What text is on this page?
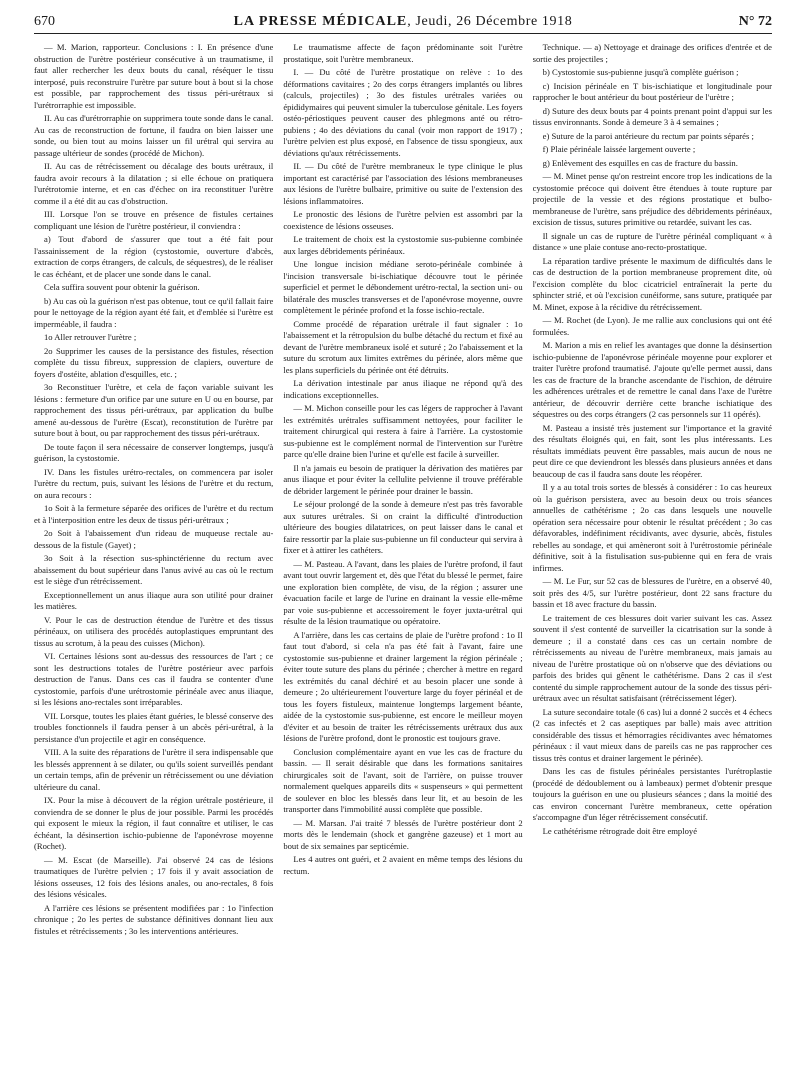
670	LA PRESSE MÉDICALE, Jeudi, 26 Décembre 1918	N° 72

— M. Marion, rapporteur. Conclusions : I. En présence d'une obstruction de l'urètre postérieur consécutive à un traumatisme, il faut aller rechercher les deux bouts du canal, réséquer le tissu interposé, puis reconstruire l'urètre par suture bout à bout si la chose est possible, par rapprochement des tissus péri-urétraux si l'urétrorraphie est impossible.

II. Au cas d'urétrorraphie on supprimera toute sonde dans le canal. Au cas de reconstruction de fortune, il faudra on bien laisser une sonde, ou bien tout au moins laisser un fil urétral qui servira au passage ultérieur de sondes (procédé de Michon).

II. Au cas de rétrécissement ou décalage des bouts urétraux, il faudra avoir recours à la dilatation ; si elle échoue on pratiquera l'urétrotomie interne, et en cas d'échec on ira reconstituer l'urètre comme il a été dit au cas d'obstruction.

III. Lorsque l'on se trouve en présence de fistules certaines compliquant une lésion de l'urètre postérieur, il conviendra :

a) Tout d'abord de s'assurer que tout a été fait pour l'assainissement de la région (cystostomie, ouverture d'abcès, extraction de corps étrangers, de calculs, de séquestres), de le réaliser le cas échéant, et de placer une sonde dans le canal.

Cela suffira souvent pour obtenir la guérison.

b) Au cas où la guérison n'est pas obtenue, tout ce qu'il fallait faire pour le nettoyage de la région ayant été fait, et d'emblée si l'urètre est imperméable, il faudra :

1o Aller retrouver l'urètre ;

2o Supprimer les causes de la persistance des fistules, résection complète du tissu fibreux, suppression de clapiers, ouverture de foyers d'ostéite, ablation d'esquilles, etc. ;

3o Reconstituer l'urètre, et cela de façon variable suivant les lésions : fermeture d'un orifice par une suture en U ou en bourse, par rapprochement des tissus péri-urétraux, par application du bulbe amené au-dessous de l'urètre (Escat), reconstitution de l'urètre par suture bout à bout, ou par rapprochement des tissus péri-urétraux.

De toute façon il sera nécessaire de conserver longtemps, jusqu'à guérison, la cystostomie.

IV. Dans les fistules urétro-rectales, on commencera par isoler l'urètre du rectum, puis, suivant les lésions de l'urètre et du rectum, on aura recours :

1o Soit à la fermeture séparée des orifices de l'urètre et du rectum et à l'interposition entre les deux de tissus péri-urétraux ;

2o Soit à l'abaissement d'un rideau de muqueuse rectale au-dessous de la fistule (Gayet) ;

3o Soit à la résection sus-sphinctérienne du rectum avec abaissement du bout supérieur dans l'anus avivé au cas où le rectum est le siège d'un rétrécissement.

Exceptionnellement un anus iliaque aura son utilité pour drainer les matières.

V. Pour le cas de destruction étendue de l'urètre et des tissus périnéaux, on utilisera des procédés autoplastiques empruntant des tissus au scrotum, à la peau des cuisses (Michon).

VI. Certaines lésions sont au-dessus des ressources de l'art ; ce sont les destructions totales de l'urètre postérieur avec parfois destruction de l'anus. Dans ces cas il faudra se contenter d'une cystostomie, parfois d'une urétrostomie périnéale avec anus iliaque, si les lésions ano-rectales sont irréparables.

VII. Lorsque, toutes les plaies étant guéries, le blessé conserve des troubles fonctionnels il faudra penser à un abcès péri-urétral, à la persistance d'un projectile et agir en conséquence.

VIII. A la suite des réparations de l'urètre il sera indispensable que les blessés apprennent à se dilater, ou qu'ils soient surveillés pendant un certain temps, afin de prévenir un rétrécissement ou une déviation ultérieure du canal.

IX. Pour la mise à découvert de la région urétrale postérieure, il conviendra de se donner le plus de jour possible. Parmi les procédés qui exposent le mieux la région, il faut connaître et utiliser, le cas échéant, la désinsertion ischio-pubienne de l'aponévrose moyenne (Rochet).

— M. Escat (de Marseille). J'ai observé 24 cas de lésions traumatiques de l'urètre pelvien ; 17 fois il y avait association de lésions osseuses, 12 fois des lésions anales, ou ano-rectales, 8 fois des lésions vésicales.

A l'arrière ces lésions se présentent modifiées par : 1o l'infection chronique ; 2o les pertes de substance définitives donnant lieu aux fistules et rétrécissements ; 3o les interventions antérieures.

Le traumatisme affecte de façon prédominante soit l'urètre prostatique, soit l'urètre membraneux.

I. — Du côté de l'urètre prostatique on relève : 1o des déformations cavitaires ; 2o des corps étrangers implantés ou libres (calculs, projectiles) ; 3o des fistules urétrales variées ou épididymaires qui peuvent simuler la tuberculose génitale. Les foyers ostéo-périostiques peuvent causer des phlegmons anté ou rétro-pubiens ; 4o des déviations du canal (voir mon rapport de 1917) ; l'urètre pelvien est plus exposé, en l'absence de tissu spongieux, aux déviations qu'aux rétrécissements.

II. — Du côté de l'urètre membraneux le type clinique le plus important est caractérisé par l'association des lésions membraneuses aux lésions de l'urètre bulbaire, primitive ou suite de l'extension des lésions inflammatoires.

Le pronostic des lésions de l'urètre pelvien est assombri par la coexistence de lésions osseuses.

Le traitement de choix est la cystostomie sus-pubienne combinée aux larges débridements périnéaux.

Une longue incision médiane seroto-périnéale combinée à l'incision transversale bi-ischiatique découvre tout le périnée superficiel et permet le débondement urétro-rectal, la section uni- ou bilatérale des muscles transverses et de l'aponévrose moyenne, ouvre complètement le périnée profond et la fosse ischio-rectale.

Comme procédé de réparation urétrale il faut signaler : 1o l'abaissement et la rétropulsion du bulbe détaché du rectum et fixé au devant de l'urètre membraneux isolé et suturé ; 2o l'abaissement et la suture du scrotum aux limites extrêmes du périnée, alors même que les plans superficiels du périnée ont été détruits.

La dérivation intestinale par anus iliaque ne répond qu'à des indications exceptionnelles.

— M. Michon conseille pour les cas légers de rapprocher à l'avant les extrémités urétrales suffisamment nettoyées, pour faciliter le traitement chirurgical qui restera à faire à l'arrière. La cystostomie sus-pubienne est le complément normal de l'intervention sur l'urètre parce qu'elle draine bien l'urine et qu'elle est facile à surveiller.

Il n'a jamais eu besoin de pratiquer la dérivation des matières par anus iliaque et pour éviter la cellulite pelvienne il trouve préférable de débrider largement le périnée pour drainer le bassin.

Le séjour prolongé de la sonde à demeure n'est pas très favorable aux sutures urétrales. Si on craint la difficulté d'introduction ultérieure des bougies dilatatrices, on peut laisser dans le canal et faire ressortir par la plaie sus-pubienne un fil conducteur qui servira à fixer et à attirer les cathéters.

— M. Pasteau. A l'avant, dans les plaies de l'urètre profond, il faut avant tout ouvrir largement et, dès que l'état du blessé le permet, faire une exploration bien complète, de visu, de la région ; assurer une évacuation facile et large de l'urine en drainant la vessie elle-même par voie sus-pubienne et accessoirement le foyer juxta-urétral qui résulte de la lésion traumatique ou opératoire.

A l'arrière, dans les cas certains de plaie de l'urètre profond : 1o Il faut tout d'abord, si cela n'a pas été fait à l'avant, faire une cystostomie sus-pubienne et drainer largement la région périnéale ; éviter toute suture des plans du périnée ; chercher à mettre en regard les extrémités du canal déchiré et au besoin placer une sonde à demeure ; 2o ultérieurement l'ouverture large du foyer périnéal et de tous les foyers fistuleux, maintenue longtemps largement béante, aidée de la cystostomie sus-pubienne, est encore le meilleur moyen d'éviter et au besoin de traiter les rétrécissements urétraux dus aux lésions de l'urètre profond, dont le pronostic est toujours grave.

Conclusion complémentaire ayant en vue les cas de fracture du bassin. — Il serait désirable que dans les formations sanitaires chirurgicales soit de l'avant, soit de l'arrière, on puisse trouver normalement quelques appareils dits « suspenseurs » qui permettent de soulever en bloc les blessés dans leur lit, et au besoin de les transporter dans l'immobilité aussi complète que possible.

— M. Marsan. J'ai traité 7 blessés de l'urètre postérieur dont 2 morts dès le lendemain (shock et gangrène gazeuse) et 1 mort au bout de six semaines par septicémie.

Les 4 autres ont guéri, et 2 avaient en même temps des lésions du rectum.

Technique. — a) Nettoyage et drainage des orifices d'entrée et de sortie des projectiles ;

b) Cystostomie sus-pubienne jusqu'à complète guérison ;

c) Incision périnéale en T bis-ischiatique et longitudinale pour rapprocher le bout antérieur du bout postérieur de l'urètre ;

d) Suture des deux bouts par 4 points prenant point d'appui sur les tissus environnants. Sonde à demeure 3 à 4 semaines ;

e) Suture de la paroi antérieure du rectum par points séparés ;

f) Plaie périnéale laissée largement ouverte ;

g) Enlèvement des esquilles en cas de fracture du bassin.

— M. Minet pense qu'on restreint encore trop les indications de la cystostomie précoce qui doivent être étendues à toute rupture par projectile de la vessie et des régions prostatique et bulbo-membraneuse de l'urètre, sans préjudice des débridements périnéaux, excision de tissus, sutures primitive ou retardée, suivant les cas.

Il signale un cas de rupture de l'urètre périnéal compliquant « à distance » une plaie contuse ano-recto-prostatique.

La réparation tardive présente le maximum de difficultés dans le cas de destruction de la portion membraneuse proprement dite, où l'excision complète du bloc cicatriciel entraînerait la perte du sphincter strié, et où l'excision cunéiforme, sans suture, pratiquée par M. Minet, expose à la récidive du rétrécissement.

— M. Rochet (de Lyon). Je me rallie aux conclusions qui ont été formulées.

M. Marion a mis en relief les avantages que donne la désinsertion ischio-pubienne de l'aponévrose périnéale moyenne pour explorer et traiter l'urètre profond traumatisé. J'ajoute qu'elle permet aussi, dans les cas de fracture de la branche ascendante de l'ischion, de détruire les adhérences urétrales et de remettre le canal dans l'axe de l'urètre antérieur, de découvrir derrière cette branche ischiatique des séquestres ou des corps étrangers (2 cas personnels sur 11 opérés).

M. Pasteau a insisté très justement sur l'importance et la gravité des résultats éloignés qui, en fait, sont les plus intéressants. Les résultats immédiats peuvent être passables, mais aucun de nous ne peut dire ce que deviendront les blessés dans plusieurs années et dans beaucoup de cas il faudra sans doute les réopérer.

Il y a au total trois sortes de blessés à considérer : 1o cas heureux où la guérison persistera, avec au besoin deux ou trois séances annuelles de cathétérisme ; 2o cas dans lesquels une nouvelle opération sera nécessaire pour obtenir le résultat précédent ; 3o cas défavorables, indéfiniment récidivants, avec dysurie, abcès, fistules rebelles au sondage, et qui amèneront soit à l'urétrostomie périnéale définitive, soit à la fistulisation sus-pubienne qui en fera de vrais infirmes.

— M. Le Fur, sur 52 cas de blessures de l'urètre, en a observé 40, soit près des 4/5, sur l'urètre postérieur, dont 22 sans fracture du bassin et 18 avec fracture du bassin.

Le traitement de ces blessures doit varier suivant les cas. Assez souvent il s'est contenté de surveiller la cicatrisation sur la sonde à demeure ; il a constaté dans ces cas un certain nombre de rétrécissements au niveau de l'urètre membraneux, mais jamais au niveau de l'urètre prostatique où on n'observe que des déviations ou parfois des brides qui gênent le cathétérisme. Dans 2 cas il s'est contenté du simple rapprochement autour de la sonde des tissus péri-urétraux avec un résultat satisfaisant (rétrécissement léger).

La suture secondaire totale (6 cas) lui a donné 2 succès et 4 échecs (2 cas infectés et 2 cas aseptiques par balle) mais avec attrition considérable des tissus et hémorragies récidivantes avec hématomes périnéaux : il vaut mieux dans de pareils cas ne pas rapprocher ces tissus très contus et drainer largement le périnée).

Dans les cas de fistules périnéales persistantes l'urétroplastie (procédé de dédoublement ou à lambeaux) permet d'obtenir presque toujours la guérison en une ou plusieurs séances ; dans la moitié des cas environ concernant l'urètre membraneux, cette opération s'accompagne d'un léger rétrécissement consécutif.

Le cathétérisme rétrograde doit être employé
